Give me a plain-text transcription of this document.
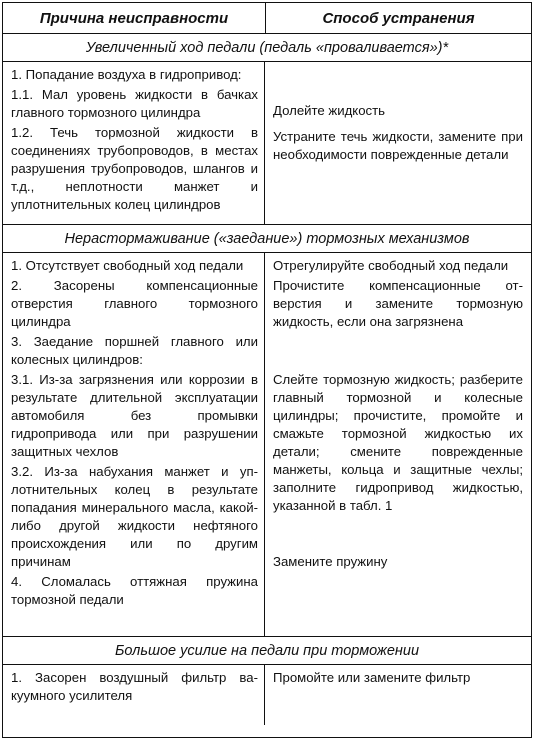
Причина неисправности	Способ устранения
Увеличенный ход педали (педаль «проваливается»)*
1. Попадание воздуха в гидропривод:
1.1. Мал уровень жидкости в бачках главного тормозного цилиндра
1.2. Течь тормозной жидкости в соединениях трубопроводов, в местах разрушения трубопроводов, шлангов и т.д., неплотности манжет и уплотнительных колец цилиндров
Долейте жидкость
Устраните течь жидкости, замените при необходимости поврежденные детали
Нерастормаживание («заедание») тормозных механизмов
1. Отсутствует свободный ход педали
2. Засорены компенсационные отверстия главного тормозного цилиндра
3. Заедание поршней главного или колесных цилиндров:
3.1. Из-за загрязнения или коррозии в результате длительной эксплуатации автомобиля без промывки гидропривода или при разрушении защитных чехлов
3.2. Из-за набухания манжет и уплотнительных колец в результате попадания минерального масла, какой-либо другой жидкости нефтяного происхождения или по другим причинам
4. Сломалась оттяжная пружина тормозной педали
Отрегулируйте свободный ход педали
Прочистите компенсационные отверстия и замените тормозную жидкость, если она загрязнена
Слейте тормозную жидкость; разберите главный тормозной и колесные цилиндры; прочистите, промойте и смажьте тормозной жидкостью их детали; смените поврежденные манжеты, кольца и защитные чехлы; заполните гидропривод жидкостью, указанной в табл. 1
Замените пружину
Большое усилие на педали при торможении
1. Засорен воздушный фильтр вакуумного усилителя
Промойте или замените фильтр
